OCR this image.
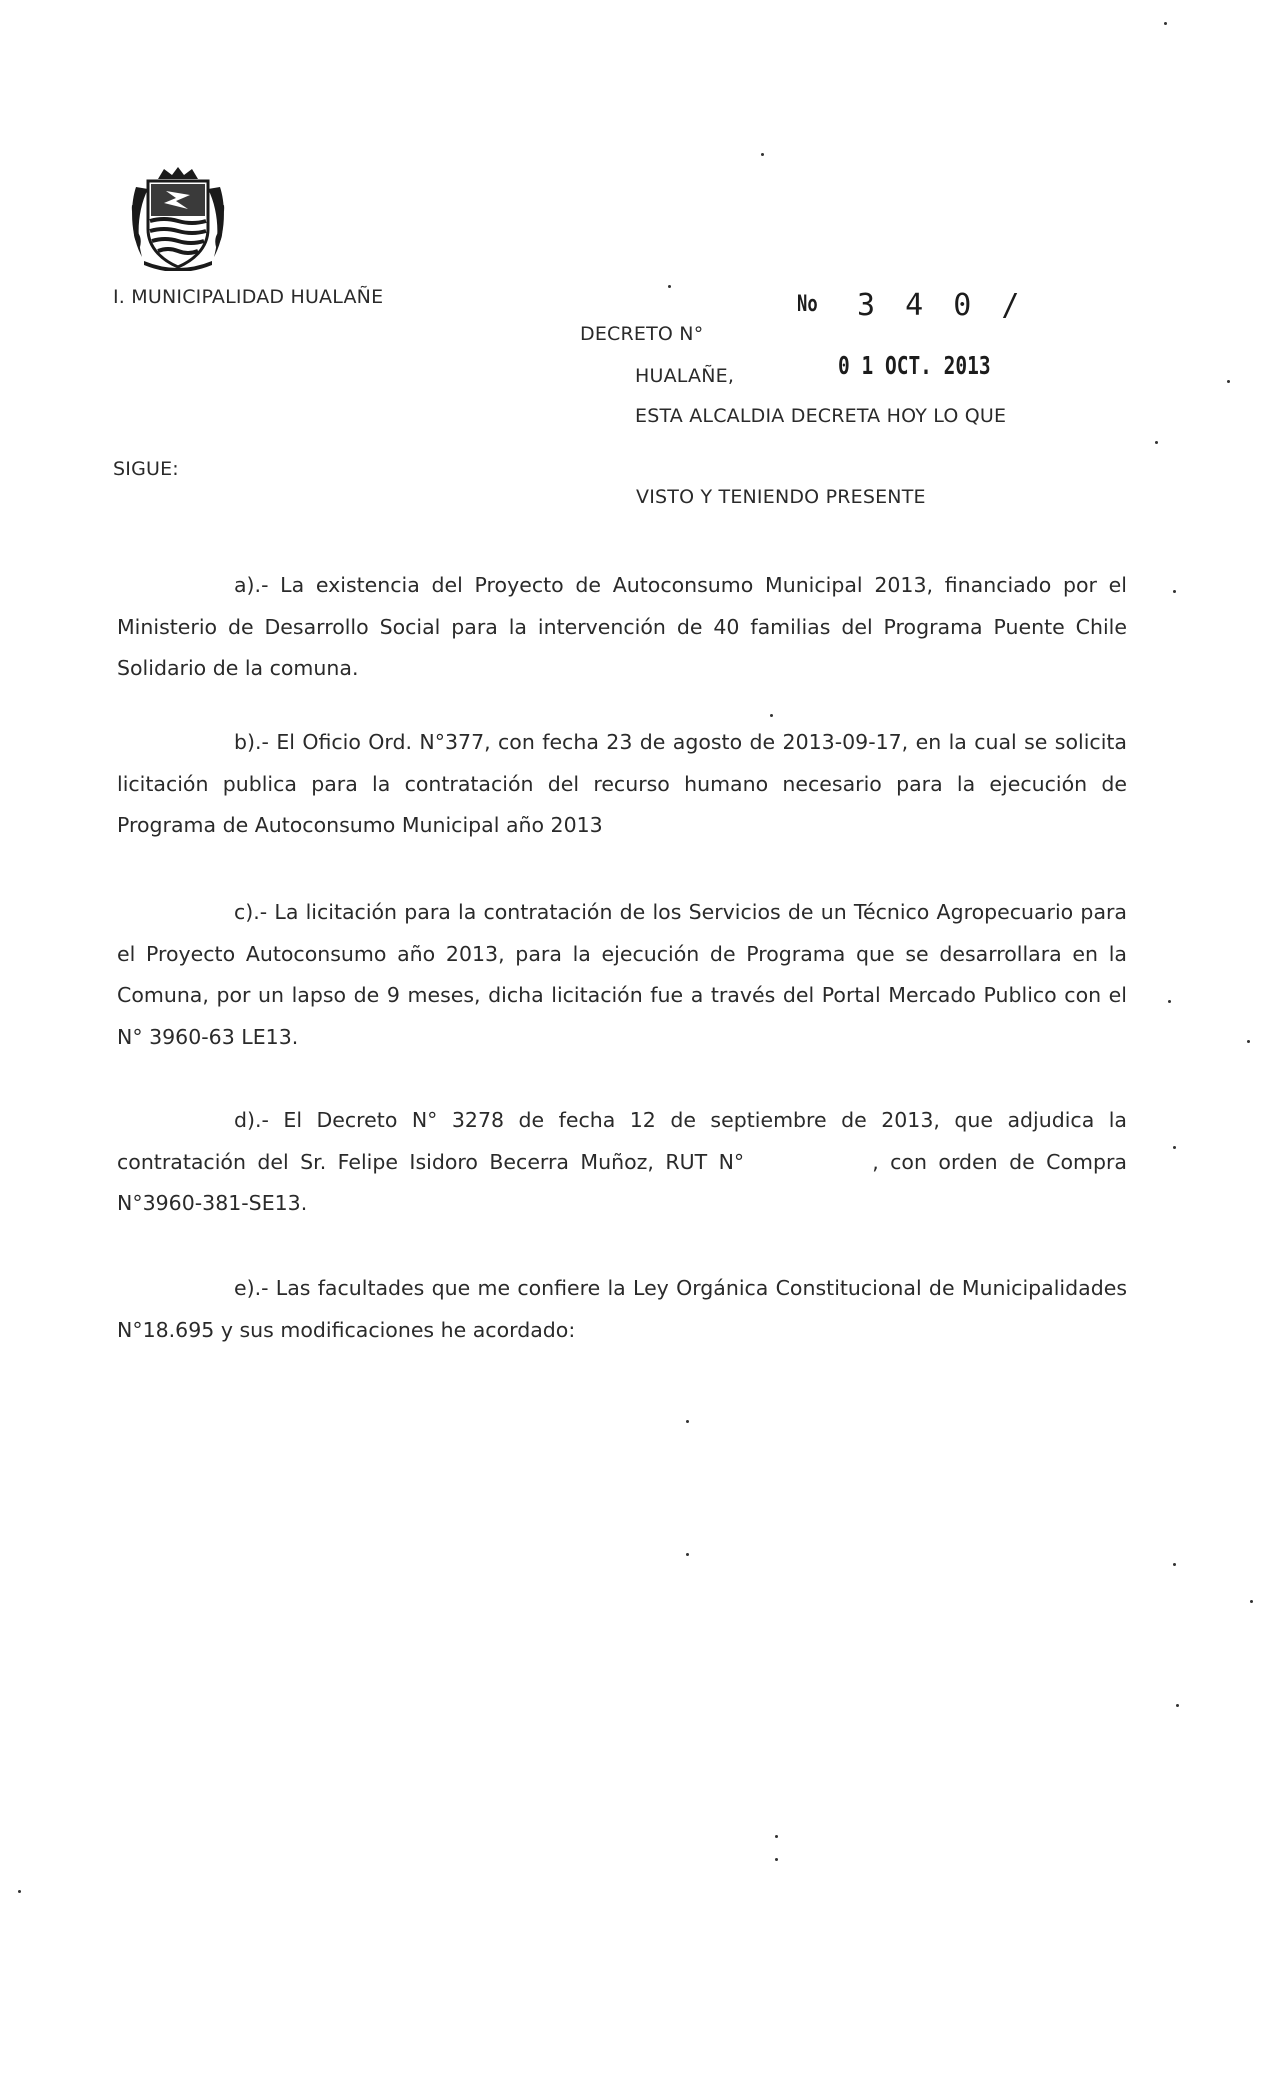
I. MUNICIPALIDAD HUALAÑE	No 3 4 0 /
DECRETO N°
HUALAÑE,	0 1 OCT. 2013
ESTA ALCALDIA DECRETA HOY LO QUE
SIGUE:
VISTO Y TENIENDO PRESENTE
a).- La existencia del Proyecto de Autoconsumo Municipal 2013, financiado por el Ministerio de Desarrollo Social para la intervención de 40 familias del Programa Puente Chile Solidario de la comuna.
b).- El Oficio Ord. N°377, con fecha 23 de agosto de 2013-09-17, en la cual se solicita licitación publica para la contratación del recurso humano necesario para la ejecución de Programa de Autoconsumo Municipal año 2013
c).- La licitación para la contratación de los Servicios de un Técnico Agropecuario para el Proyecto Autoconsumo año 2013, para la ejecución de Programa que se desarrollara en la Comuna, por un lapso de 9 meses, dicha licitación fue a través del Portal Mercado Publico con el N° 3960-63 LE13.
d).- El Decreto N° 3278 de fecha 12 de septiembre de 2013, que adjudica la contratación del Sr. Felipe Isidoro Becerra Muñoz, RUT N°	, con orden de Compra N°3960-381-SE13.
e).- Las facultades que me confiere la Ley Orgánica Constitucional de Municipalidades N°18.695 y sus modificaciones he acordado:
